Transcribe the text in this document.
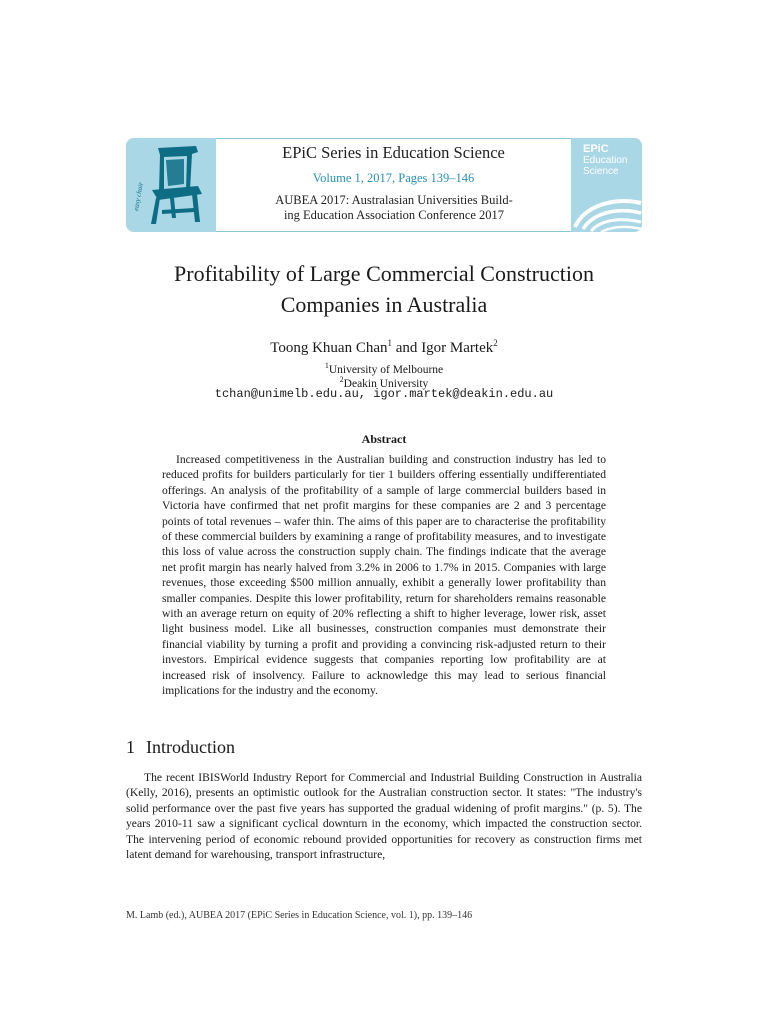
easy chair
EPiC Series in Education Science
Volume 1, 2017, Pages 139–146
AUBEA 2017: Australasian Universities Build-
ing Education Association Conference 2017
EPiC
Education
Science
Profitability of Large Commercial Construction
Companies in Australia
Toong Khuan Chan$^1$ and Igor Martek$^2$
$^1$University of Melbourne
$^2$Deakin University
tchan@unimelb.edu.au, igor.martek@deakin.edu.au
Abstract

Increased competitiveness in the Australian building and construction industry has led to reduced profits for builders particularly for tier 1 builders offering essentially undifferentiated offerings. An analysis of the profitability of a sample of large commercial builders based in Victoria have confirmed that net profit margins for these companies are 2 and 3 percentage points of total revenues – wafer thin. The aims of this paper are to characterise the profitability of these commercial builders by examining a range of profitability measures, and to investigate this loss of value across the construction supply chain. The findings indicate that the average net profit margin has nearly halved from 3.2% in 2006 to 1.7% in 2015. Companies with large revenues, those exceeding $500 million annually, exhibit a generally lower profitability than smaller companies. Despite this lower profitability, return for shareholders remains reasonable with an average return on equity of 20% reflecting a shift to higher leverage, lower risk, asset light business model. Like all businesses, construction companies must demonstrate their financial viability by turning a profit and providing a convincing risk-adjusted return to their investors. Empirical evidence suggests that companies reporting low profitability are at increased risk of insolvency. Failure to acknowledge this may lead to serious financial implications for the industry and the economy.

1 Introduction

The recent IBISWorld Industry Report for Commercial and Industrial Building Construction in Australia (Kelly, 2016), presents an optimistic outlook for the Australian construction sector. It states: "The industry's solid performance over the past five years has supported the gradual widening of profit margins." (p. 5). The years 2010-11 saw a significant cyclical downturn in the economy, which impacted the construction sector. The intervening period of economic rebound provided opportunities for recovery as construction firms met latent demand for warehousing, transport infrastructure,

M. Lamb (ed.), AUBEA 2017 (EPiC Series in Education Science, vol. 1), pp. 139–146
